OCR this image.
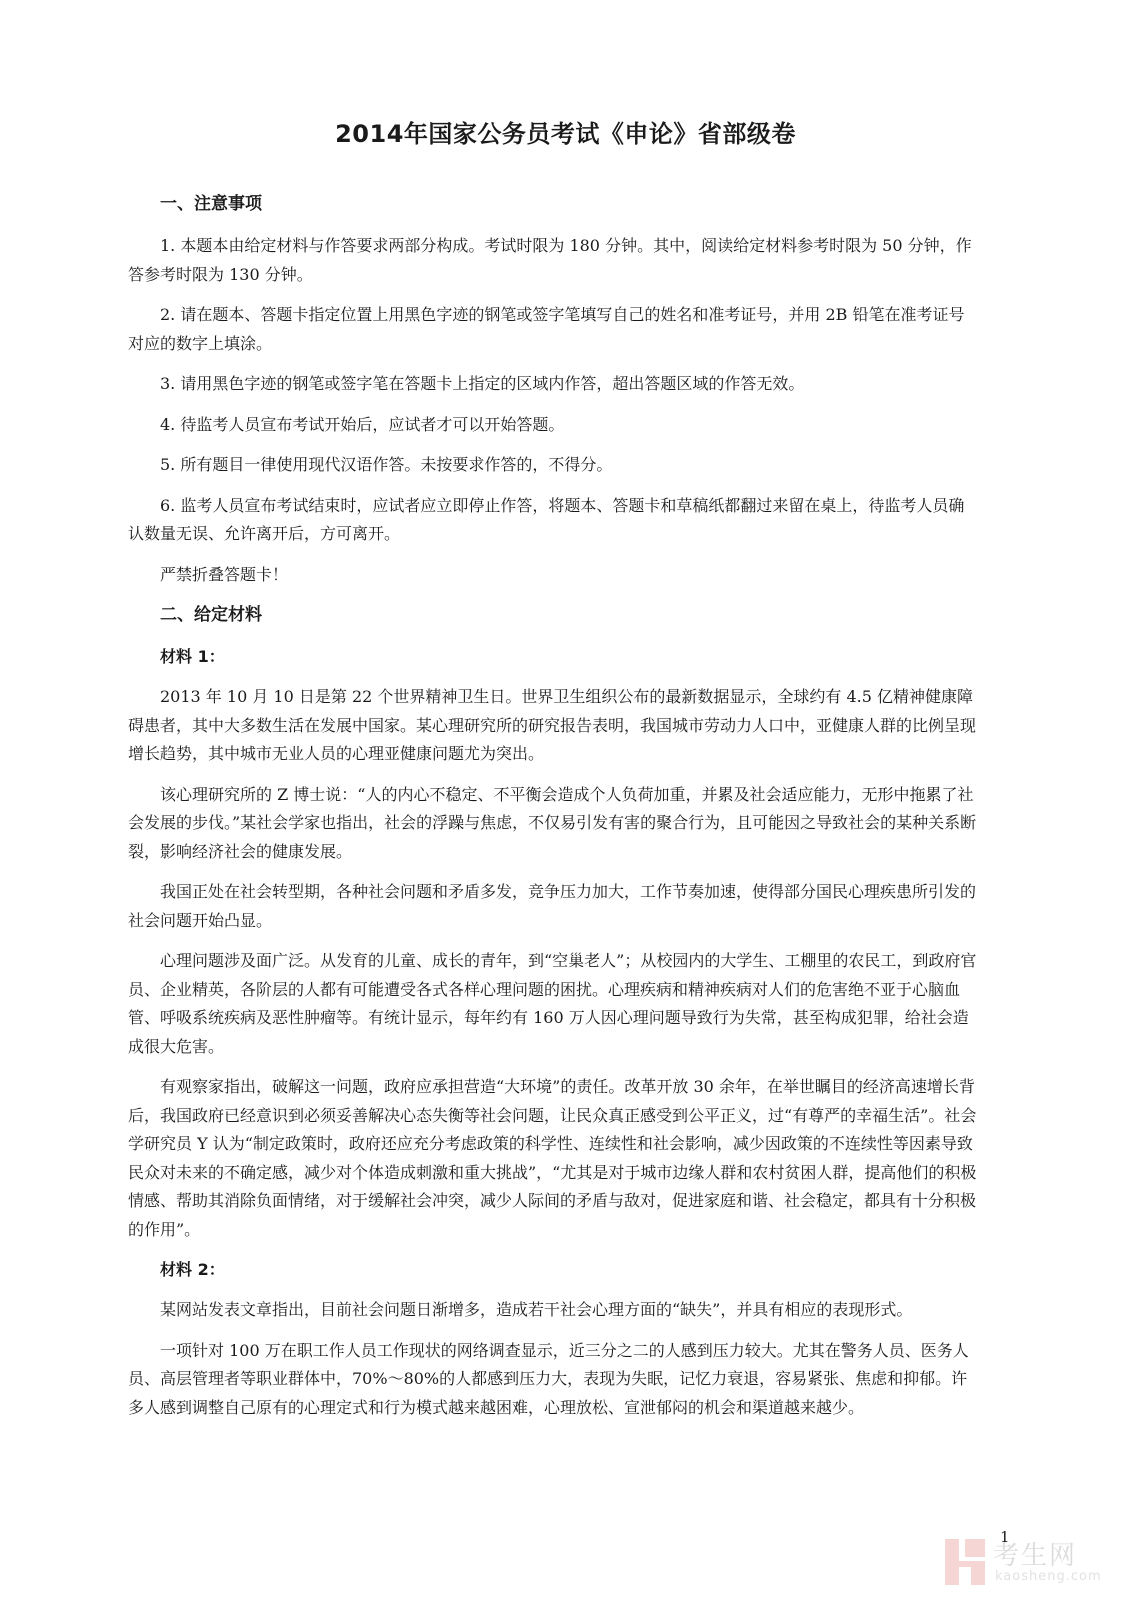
2014年国家公务员考试《申论》省部级卷
一、注意事项

1. 本题本由给定材料与作答要求两部分构成。考试时限为 180 分钟。其中，阅读给定材料参考时限为 50 分钟，作答参考时限为 130 分钟。

2. 请在题本、答题卡指定位置上用黑色字迹的钢笔或签字笔填写自己的姓名和准考证号，并用 2B 铅笔在准考证号对应的数字上填涂。

3. 请用黑色字迹的钢笔或签字笔在答题卡上指定的区域内作答，超出答题区域的作答无效。

4. 待监考人员宣布考试开始后，应试者才可以开始答题。

5. 所有题目一律使用现代汉语作答。未按要求作答的，不得分。

6. 监考人员宣布考试结束时，应试者应立即停止作答，将题本、答题卡和草稿纸都翻过来留在桌上，待监考人员确认数量无误、允许离开后，方可离开。

严禁折叠答题卡！

二、给定材料
材料 1：

2013 年 10 月 10 日是第 22 个世界精神卫生日。世界卫生组织公布的最新数据显示，全球约有 4.5 亿精神健康障碍患者，其中大多数生活在发展中国家。某心理研究所的研究报告表明，我国城市劳动力人口中，亚健康人群的比例呈现增长趋势，其中城市无业人员的心理亚健康问题尤为突出。

该心理研究所的 Z 博士说：“人的内心不稳定、不平衡会造成个人负荷加重，并累及社会适应能力，无形中拖累了社会发展的步伐。”某社会学家也指出，社会的浮躁与焦虑，不仅易引发有害的聚合行为，且可能因之导致社会的某种关系断裂，影响经济社会的健康发展。

我国正处在社会转型期，各种社会问题和矛盾多发，竞争压力加大，工作节奏加速，使得部分国民心理疾患所引发的社会问题开始凸显。

心理问题涉及面广泛。从发育的儿童、成长的青年，到“空巢老人”；从校园内的大学生、工棚里的农民工，到政府官员、企业精英，各阶层的人都有可能遭受各式各样心理问题的困扰。心理疾病和精神疾病对人们的危害绝不亚于心脑血管、呼吸系统疾病及恶性肿瘤等。有统计显示，每年约有 160 万人因心理问题导致行为失常，甚至构成犯罪，给社会造成很大危害。

有观察家指出，破解这一问题，政府应承担营造“大环境”的责任。改革开放 30 余年，在举世瞩目的经济高速增长背后，我国政府已经意识到必须妥善解决心态失衡等社会问题，让民众真正感受到公平正义，过“有尊严的幸福生活”。社会学研究员 Y 认为“制定政策时，政府还应充分考虑政策的科学性、连续性和社会影响，减少因政策的不连续性等因素导致民众对未来的不确定感，减少对个体造成刺激和重大挑战”，“尤其是对于城市边缘人群和农村贫困人群，提高他们的积极情感、帮助其消除负面情绪，对于缓解社会冲突，减少人际间的矛盾与敌对，促进家庭和谐、社会稳定，都具有十分积极的作用”。

材料 2：

某网站发表文章指出，目前社会问题日渐增多，造成若干社会心理方面的“缺失”，并具有相应的表现形式。

一项针对 100 万在职工作人员工作现状的网络调查显示，近三分之二的人感到压力较大。尤其在警务人员、医务人员、高层管理者等职业群体中，70%～80%的人都感到压力大，表现为失眠，记忆力衰退，容易紧张、焦虑和抑郁。许多人感到调整自己原有的心理定式和行为模式越来越困难，心理放松、宣泄郁闷的机会和渠道越来越少。

1
考生网
kaosheng.com
